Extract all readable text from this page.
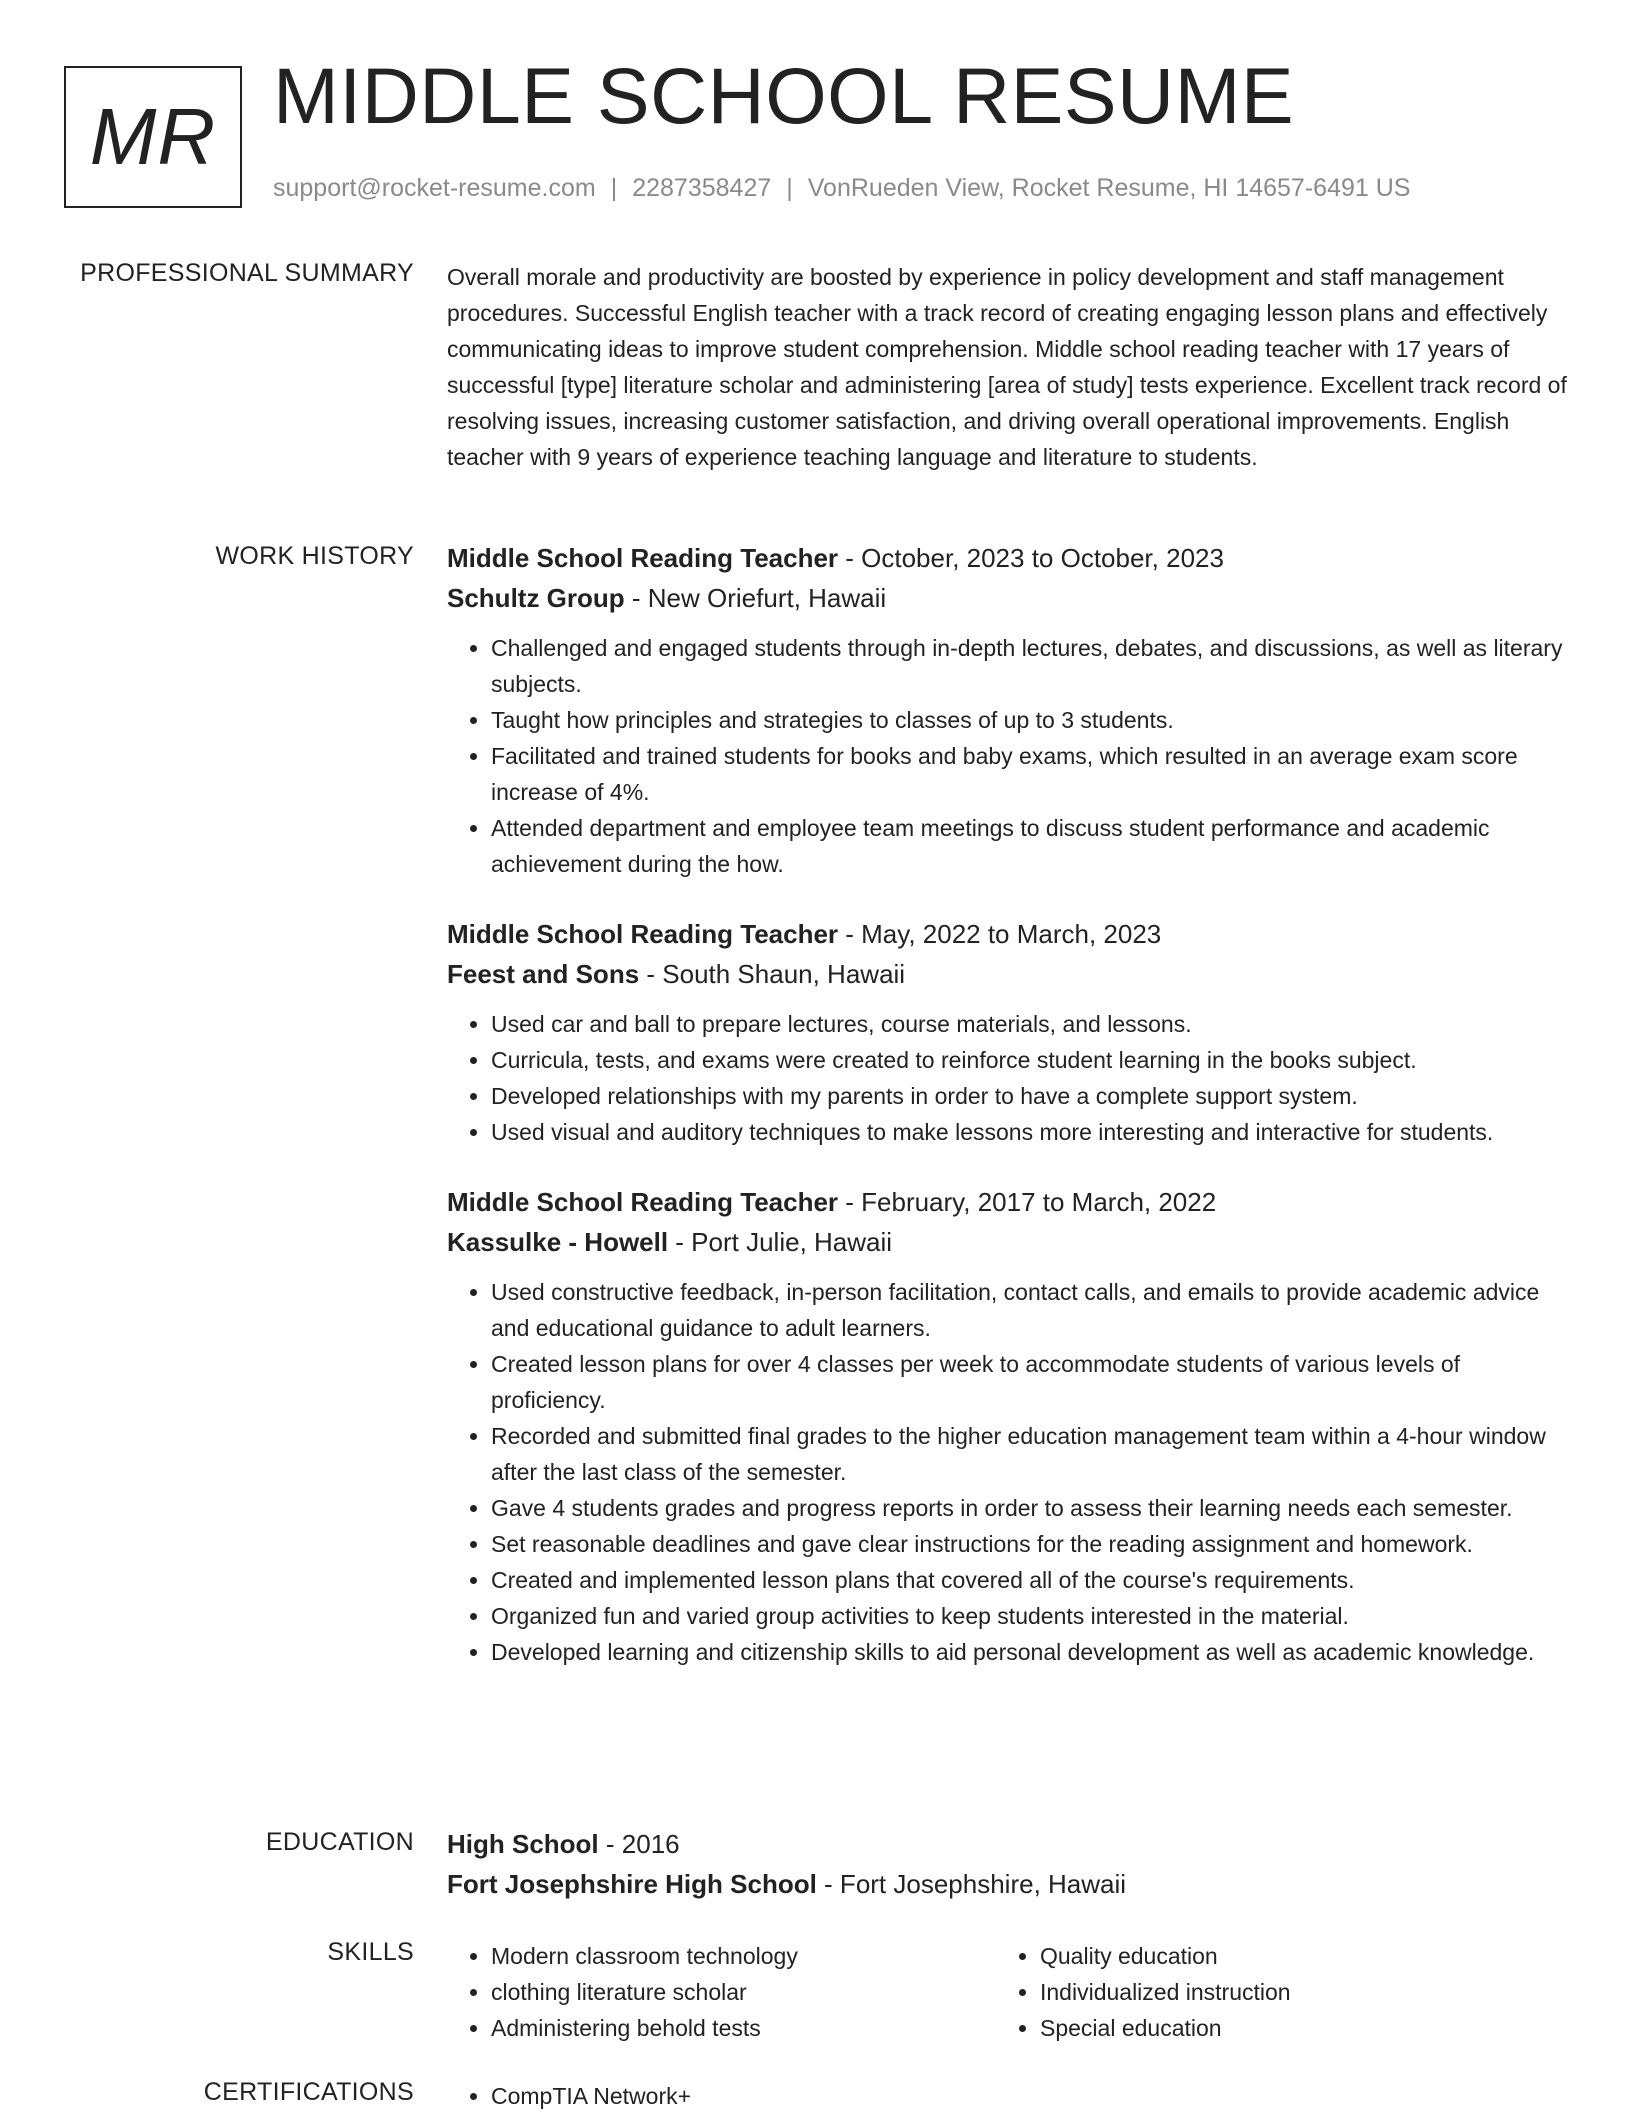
MR MIDDLE SCHOOL RESUME
support@rocket-resume.com | 2287358427 | VonRueden View, Rocket Resume, HI 14657-6491 US
PROFESSIONAL SUMMARY Overall morale and productivity are boosted by experience in policy development and staff management procedures. Successful English teacher with a track record of creating engaging lesson plans and effectively communicating ideas to improve student comprehension. Middle school reading teacher with 17 years of successful [type] literature scholar and administering [area of study] tests experience. Excellent track record of resolving issues, increasing customer satisfaction, and driving overall operational improvements. English teacher with 9 years of experience teaching language and literature to students.
WORK HISTORY Middle School Reading Teacher - October, 2023 to October, 2023
Schultz Group - New Oriefurt, Hawaii
• Challenged and engaged students through in-depth lectures, debates, and discussions, as well as literary subjects.
• Taught how principles and strategies to classes of up to 3 students.
• Facilitated and trained students for books and baby exams, which resulted in an average exam score increase of 4%.
• Attended department and employee team meetings to discuss student performance and academic achievement during the how.
Middle School Reading Teacher - May, 2022 to March, 2023
Feest and Sons - South Shaun, Hawaii
• Used car and ball to prepare lectures, course materials, and lessons.
• Curricula, tests, and exams were created to reinforce student learning in the books subject.
• Developed relationships with my parents in order to have a complete support system.
• Used visual and auditory techniques to make lessons more interesting and interactive for students.
Middle School Reading Teacher - February, 2017 to March, 2022
Kassulke - Howell - Port Julie, Hawaii
• Used constructive feedback, in-person facilitation, contact calls, and emails to provide academic advice and educational guidance to adult learners.
• Created lesson plans for over 4 classes per week to accommodate students of various levels of proficiency.
• Recorded and submitted final grades to the higher education management team within a 4-hour window after the last class of the semester.
• Gave 4 students grades and progress reports in order to assess their learning needs each semester.
• Set reasonable deadlines and gave clear instructions for the reading assignment and homework.
• Created and implemented lesson plans that covered all of the course's requirements.
• Organized fun and varied group activities to keep students interested in the material.
• Developed learning and citizenship skills to aid personal development as well as academic knowledge.
EDUCATION High School - 2016
Fort Josephshire High School - Fort Josephshire, Hawaii
SKILLS	• Modern classroom technology
• clothing literature scholar
• Administering behold tests
• Quality education
• Individualized instruction
• Special education
CERTIFICATIONS	• CompTIA Network+
